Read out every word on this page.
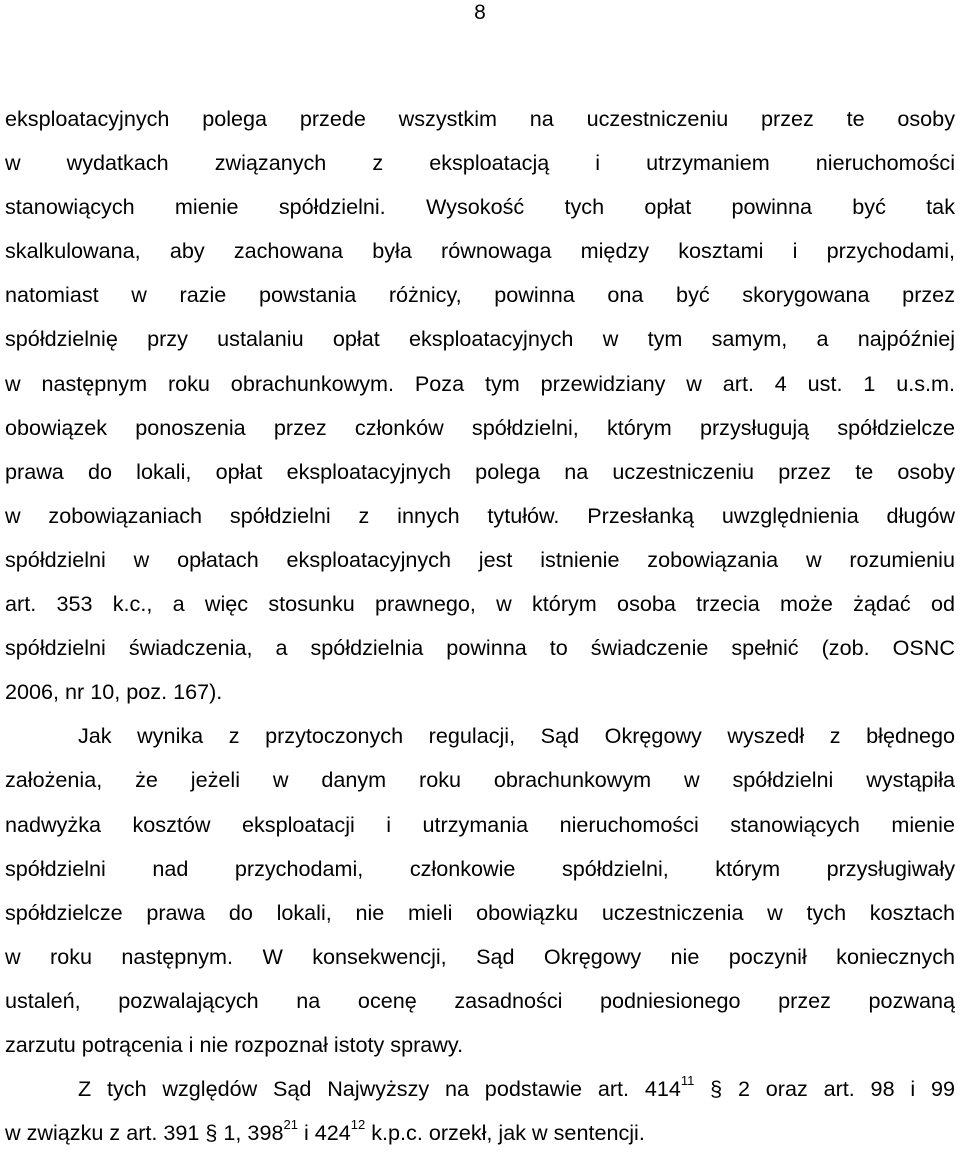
8
eksploatacyjnych polega przede wszystkim na uczestniczeniu przez te osoby
w wydatkach związanych z eksploatacją i utrzymaniem nieruchomości
stanowiących mienie spółdzielni. Wysokość tych opłat powinna być tak
skalkulowana, aby zachowana była równowaga między kosztami i przychodami,
natomiast w razie powstania różnicy, powinna ona być skorygowana przez
spółdzielnię przy ustalaniu opłat eksploatacyjnych w tym samym, a najpóźniej
w następnym roku obrachunkowym. Poza tym przewidziany w art. 4 ust. 1 u.s.m.
obowiązek ponoszenia przez członków spółdzielni, którym przysługują spółdzielcze
prawa do lokali, opłat eksploatacyjnych polega na uczestniczeniu przez te osoby
w zobowiązaniach spółdzielni z innych tytułów. Przesłanką uwzględnienia długów
spółdzielni w opłatach eksploatacyjnych jest istnienie zobowiązania w rozumieniu
art. 353 k.c., a więc stosunku prawnego, w którym osoba trzecia może żądać od
spółdzielni świadczenia, a spółdzielnia powinna to świadczenie spełnić (zob. OSNC
2006, nr 10, poz. 167).
Jak wynika z przytoczonych regulacji, Sąd Okręgowy wyszedł z błędnego
założenia, że jeżeli w danym roku obrachunkowym w spółdzielni wystąpiła
nadwyżka kosztów eksploatacji i utrzymania nieruchomości stanowiących mienie
spółdzielni nad przychodami, członkowie spółdzielni, którym przysługiwały
spółdzielcze prawa do lokali, nie mieli obowiązku uczestniczenia w tych kosztach
w roku następnym. W konsekwencji, Sąd Okręgowy nie poczynił koniecznych
ustaleń, pozwalających na ocenę zasadności podniesionego przez pozwaną
zarzutu potrącenia i nie rozpoznał istoty sprawy.
Z tych względów Sąd Najwyższy na podstawie art. $414^{11}$ § 2 oraz art. 98 i 99
w związku z art. 391 § 1, $398^{21}$ i $424^{12}$ k.p.c. orzekł, jak w sentencji.
